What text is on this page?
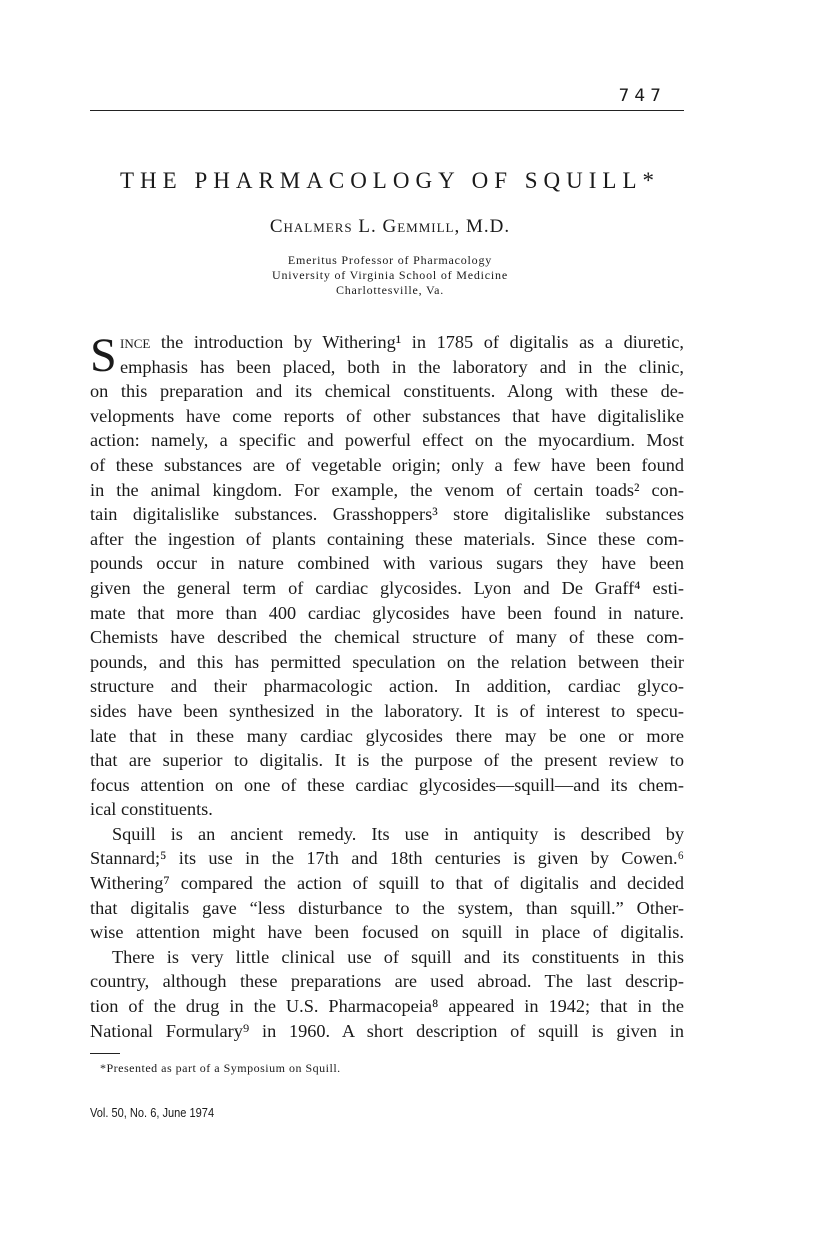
747
THE PHARMACOLOGY OF SQUILL*
Chalmers L. Gemmill, M.D.
Emeritus Professor of Pharmacology
University of Virginia School of Medicine
Charlottesville, Va.
S ince the introduction by Withering¹ in 1785 of digitalis as a diuretic,
emphasis has been placed, both in the laboratory and in the clinic,
on this preparation and its chemical constituents. Along with these de-
velopments have come reports of other substances that have digitalislike
action: namely, a specific and powerful effect on the myocardium. Most
of these substances are of vegetable origin; only a few have been found
in the animal kingdom. For example, the venom of certain toads² con-
tain digitalislike substances. Grasshoppers³ store digitalislike substances
after the ingestion of plants containing these materials. Since these com-
pounds occur in nature combined with various sugars they have been
given the general term of cardiac glycosides. Lyon and De Graff⁴ esti-
mate that more than 400 cardiac glycosides have been found in nature.
Chemists have described the chemical structure of many of these com-
pounds, and this has permitted speculation on the relation between their
structure and their pharmacologic action. In addition, cardiac glyco-
sides have been synthesized in the laboratory. It is of interest to specu-
late that in these many cardiac glycosides there may be one or more
that are superior to digitalis. It is the purpose of the present review to
focus attention on one of these cardiac glycosides—squill—and its chem-
ical constituents.
Squill is an ancient remedy. Its use in antiquity is described by
Stannard;⁵ its use in the 17th and 18th centuries is given by Cowen.⁶
Withering⁷ compared the action of squill to that of digitalis and decided
that digitalis gave “less disturbance to the system, than squill.” Other-
wise attention might have been focused on squill in place of digitalis.
There is very little clinical use of squill and its constituents in this
country, although these preparations are used abroad. The last descrip-
tion of the drug in the U.S. Pharmacopeia⁸ appeared in 1942; that in the
National Formulary⁹ in 1960. A short description of squill is given in
*Presented as part of a Symposium on Squill.
Vol. 50, No. 6, June 1974
